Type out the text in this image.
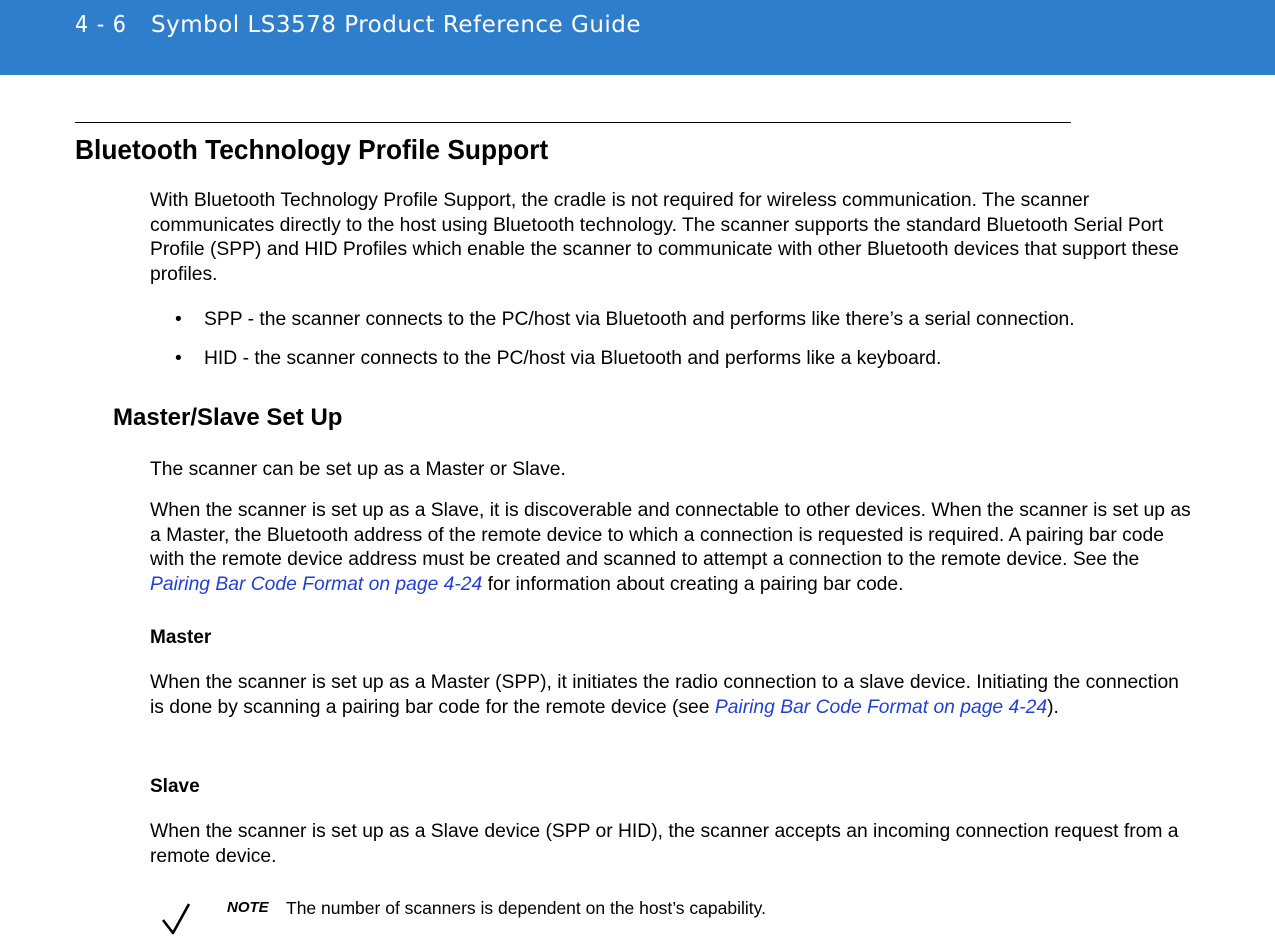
4 - 6 Symbol LS3578 Product Reference Guide
Bluetooth Technology Profile Support

With Bluetooth Technology Profile Support, the cradle is not required for wireless communication. The scanner communicates directly to the host using Bluetooth technology. The scanner supports the standard Bluetooth Serial Port Profile (SPP) and HID Profiles which enable the scanner to communicate with other Bluetooth devices that support these profiles.

• SPP - the scanner connects to the PC/host via Bluetooth and performs like there’s a serial connection.

• HID - the scanner connects to the PC/host via Bluetooth and performs like a keyboard.

Master/Slave Set Up

The scanner can be set up as a Master or Slave.

When the scanner is set up as a Slave, it is discoverable and connectable to other devices. When the scanner is set up as a Master, the Bluetooth address of the remote device to which a connection is requested is required. A pairing bar code with the remote device address must be created and scanned to attempt a connection to the remote device. See the Pairing Bar Code Format on page 4-24 for information about creating a pairing bar code.

Master

When the scanner is set up as a Master (SPP), it initiates the radio connection to a slave device. Initiating the connection is done by scanning a pairing bar code for the remote device (see Pairing Bar Code Format on page 4-24).

Slave

When the scanner is set up as a Slave device (SPP or HID), the scanner accepts an incoming connection request from a remote device.

NOTE The number of scanners is dependent on the host’s capability.
